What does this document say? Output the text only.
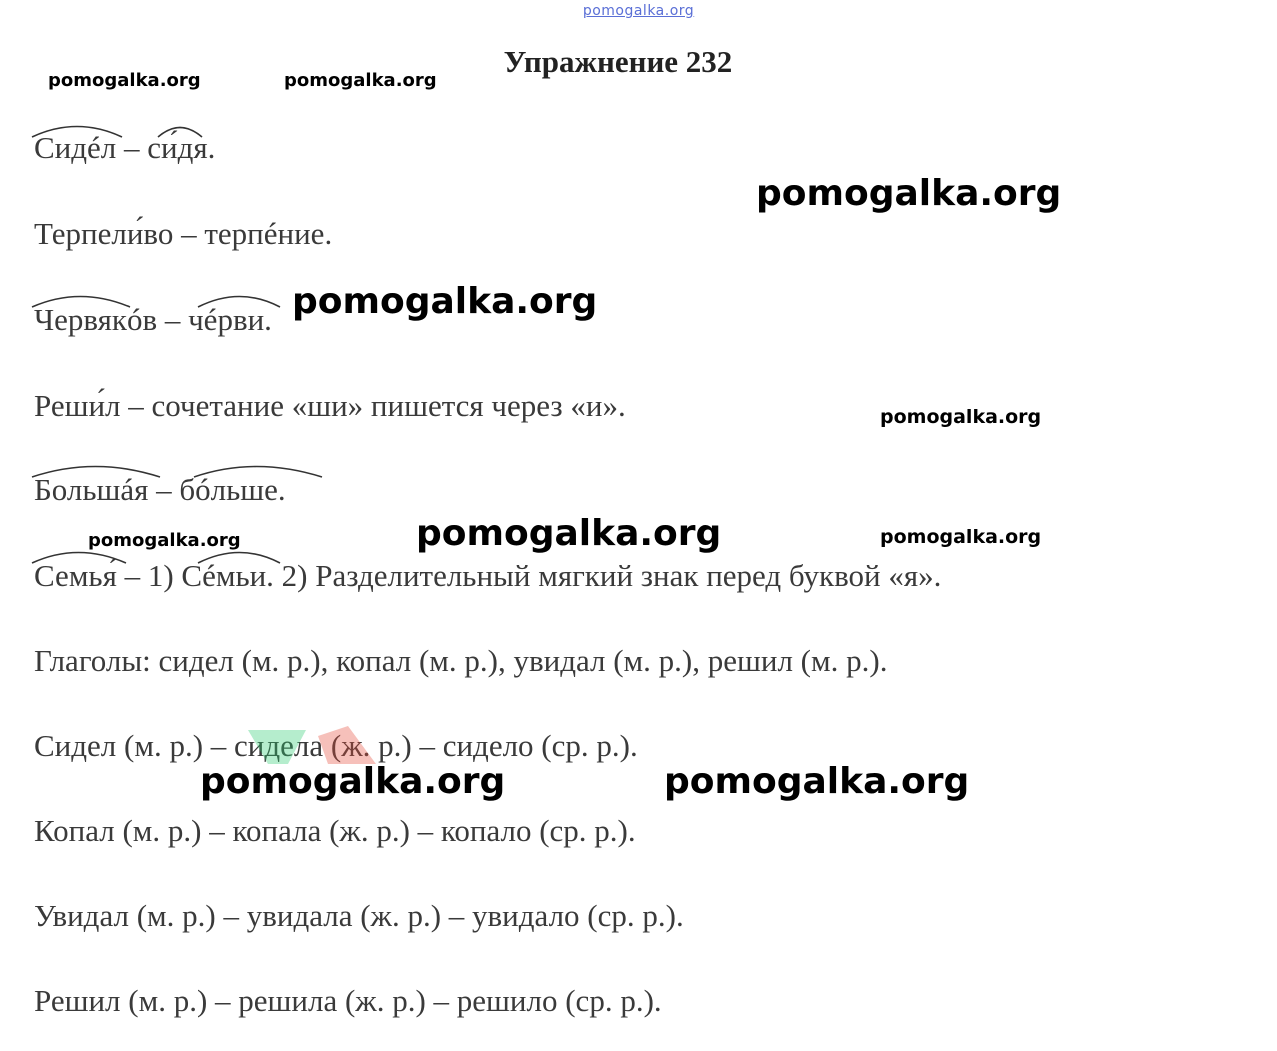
pomogalka.org
Упражнение 232
Сидéл – си́дя.
Терпели́во – терпéние.
Червякóв – чéрви.
Реши́л – сочетание «ши» пишется через «и».
Большáя – бóльше.
Семья́ – 1) Сéмьи. 2) Разделительный мягкий знак перед буквой «я».
Глаголы: сидел (м. р.), копал (м. р.), увидал (м. р.), решил (м. р.).
Сидел (м. р.) – сидела (ж. р.) – сидело (ср. р.).
Копал (м. р.) – копала (ж. р.) – копало (ср. р.).
Увидал (м. р.) – увидала (ж. р.) – увидало (ср. р.).
Решил (м. р.) – решила (ж. р.) – решило (ср. р.).
pomogalka.org	pomogalka.org
pomogalka.org
pomogalka.org
pomogalka.org
pomogalka.org
pomogalka.org	pomogalka.org
pomogalka.org	pomogalka.org
